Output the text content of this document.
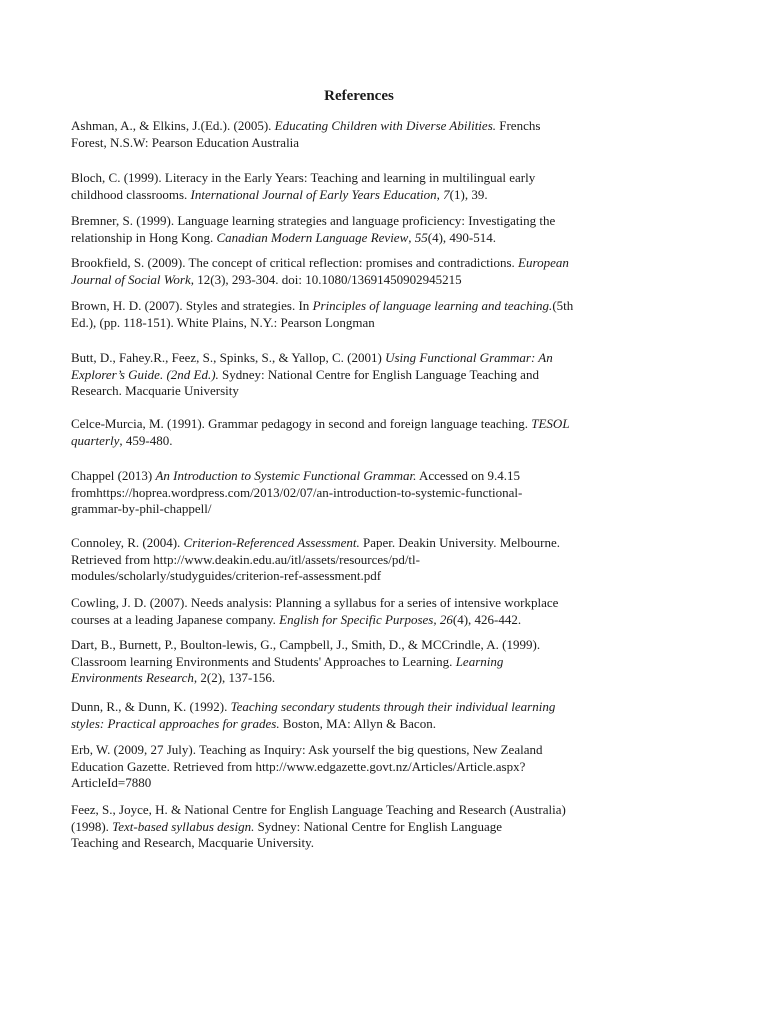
References
Ashman, A., & Elkins, J.(Ed.). (2005). Educating Children with Diverse Abilities. Frenchs
Forest, N.S.W: Pearson Education Australia
Bloch, C. (1999). Literacy in the Early Years: Teaching and learning in multilingual early
childhood classrooms. International Journal of Early Years Education, 7(1), 39.
Bremner, S. (1999). Language learning strategies and language proficiency: Investigating the
relationship in Hong Kong. Canadian Modern Language Review, 55(4), 490-514.
Brookfield, S. (2009). The concept of critical reflection: promises and contradictions. European
Journal of Social Work, 12(3), 293-304. doi: 10.1080/13691450902945215
Brown, H. D. (2007). Styles and strategies. In Principles of language learning and teaching.(5th
Ed.), (pp. 118-151). White Plains, N.Y.: Pearson Longman
Butt, D., Fahey.R., Feez, S., Spinks, S., & Yallop, C. (2001) Using Functional Grammar: An
Explorer’s Guide. (2nd Ed.). Sydney: National Centre for English Language Teaching and
Research. Macquarie University
Celce-Murcia, M. (1991). Grammar pedagogy in second and foreign language teaching. TESOL
quarterly, 459-480.
Chappel (2013) An Introduction to Systemic Functional Grammar. Accessed on 9.4.15
fromhttps://hoprea.wordpress.com/2013/02/07/an-introduction-to-systemic-functional-
grammar-by-phil-chappell/
Connoley, R. (2004). Criterion-Referenced Assessment. Paper. Deakin University. Melbourne.
Retrieved from http://www.deakin.edu.au/itl/assets/resources/pd/tl-
modules/scholarly/studyguides/criterion-ref-assessment.pdf
Cowling, J. D. (2007). Needs analysis: Planning a syllabus for a series of intensive workplace
courses at a leading Japanese company. English for Specific Purposes, 26(4), 426-442.
Dart, B., Burnett, P., Boulton-lewis, G., Campbell, J., Smith, D., & MCCrindle, A. (1999).
Classroom learning Environments and Students' Approaches to Learning. Learning
Environments Research, 2(2), 137-156.
Dunn, R., & Dunn, K. (1992). Teaching secondary students through their individual learning
styles: Practical approaches for grades. Boston, MA: Allyn & Bacon.
Erb, W. (2009, 27 July). Teaching as Inquiry: Ask yourself the big questions, New Zealand
Education Gazette. Retrieved from http://www.edgazette.govt.nz/Articles/Article.aspx?
ArticleId=7880
Feez, S., Joyce, H. & National Centre for English Language Teaching and Research (Australia)
(1998). Text-based syllabus design. Sydney: National Centre for English Language
Teaching and Research, Macquarie University.
